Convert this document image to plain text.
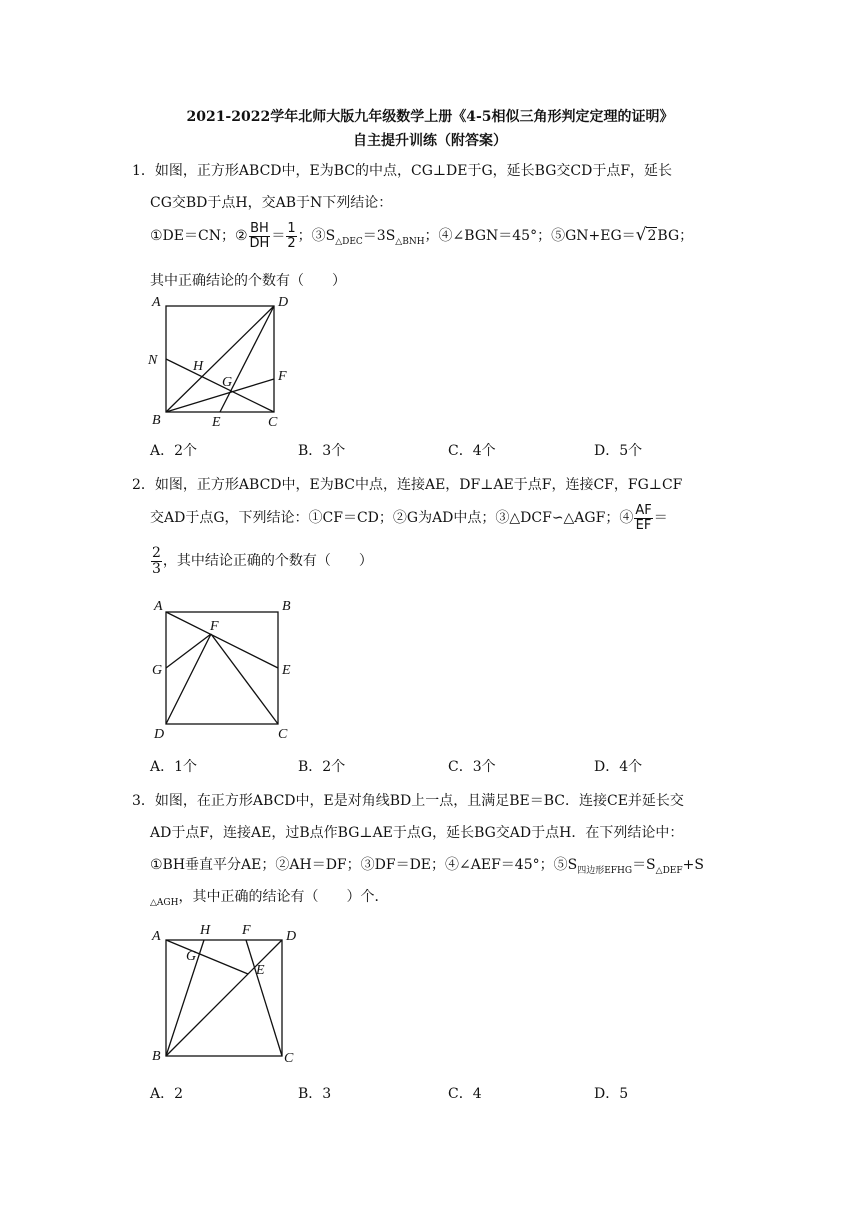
2021-2022学年北师大版九年级数学上册《4-5相似三角形判定定理的证明》
自主提升训练（附答案）
1．如图，正方形ABCD中，E为BC的中点，CG⊥DE于G，延长BG交CD于点F，延长
CG交BD于点H，交AB于N下列结论：
①DE＝CN；② $\frac{BH}{DH} = \frac{1}{2}$ ；$③S_{\triangle DEC}=3S_{\triangle BNH}$；④∠BGN＝45°；⑤GN+EG＝√2BG；
其中正确结论的个数有（　　）
A	D
N	H
G	F
B	E	C
A．2个	B．3个	C．4个	D．5个
2．如图，正方形ABCD中，E为BC中点，连接AE，DF⊥AE于点F，连接CF，FG⊥CF
交AD于点G，下列结论：①CF＝CD；②G为AD中点；③△DCF∽△AGF；④ $\frac{AF}{EF}$ ＝
$\frac{2}{3}$ ，其中结论正确的个数有（　　）
A	B
F
G	E
D	C
A．1个	B．2个	C．3个	D．4个
3．如图，在正方形ABCD中，E是对角线BD上一点，且满足BE＝BC．连接CE并延长交
AD于点F，连接AE，过B点作BG⊥AE于点G，延长BG交AD于点H．在下列结论中：
①BH垂直平分AE；②AH＝DF；③DF＝DE；④∠AEF＝45°；$⑤S_{四边形EFHG}=S_{\triangle DEF}+S$
$_{\triangle AGH}$，其中正确的结论有（　　）个．
A	H F	D
G
E
B	C
A．2	B．3	C．4	D．5
